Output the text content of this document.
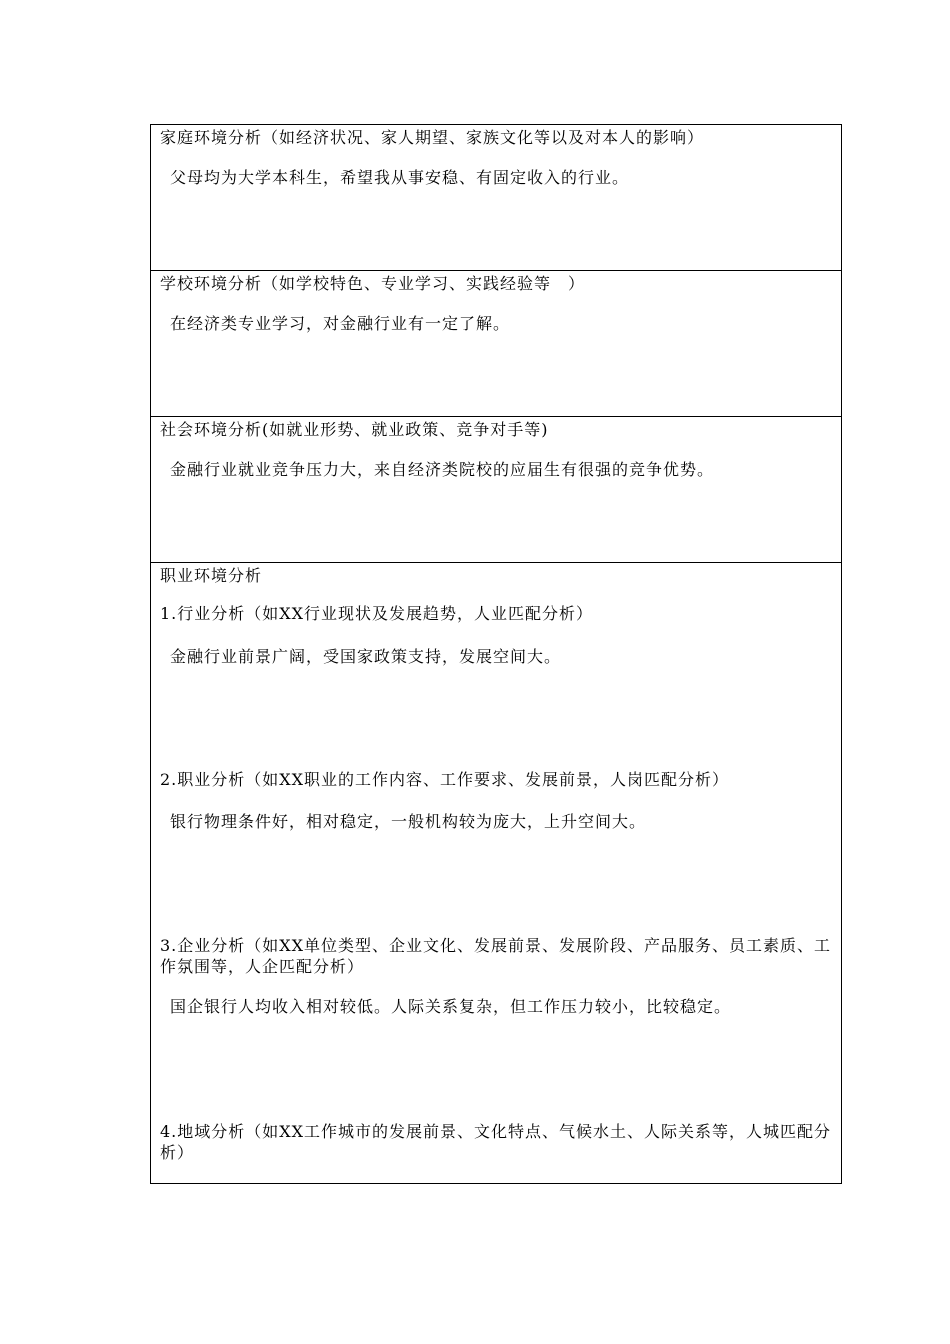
家庭环境分析（如经济状况、家人期望、家族文化等以及对本人的影响）
父母均为大学本科生，希望我从事安稳、有固定收入的行业。
学校环境分析（如学校特色、专业学习、实践经验等　）
在经济类专业学习，对金融行业有一定了解。
社会环境分析(如就业形势、就业政策、竞争对手等)
金融行业就业竞争压力大，来自经济类院校的应届生有很强的竞争优势。
职业环境分析
1.行业分析（如XX行业现状及发展趋势，人业匹配分析）
金融行业前景广阔，受国家政策支持，发展空间大。
2.职业分析（如XX职业的工作内容、工作要求、发展前景，人岗匹配分析）
银行物理条件好，相对稳定，一般机构较为庞大，上升空间大。
3.企业分析（如XX单位类型、企业文化、发展前景、发展阶段、产品服务、员工素质、工作氛围等，人企匹配分析）
国企银行人均收入相对较低。人际关系复杂，但工作压力较小，比较稳定。
4.地域分析（如XX工作城市的发展前景、文化特点、气候水土、人际关系等，人城匹配分析）
